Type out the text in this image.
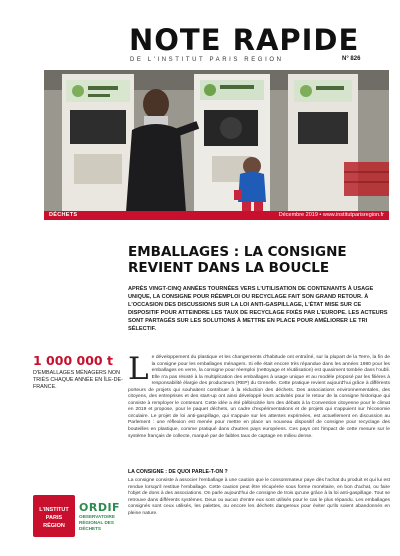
NOTE RAPIDE
DE L'INSTITUT PARIS REGION	N° 826
DÉCHETS	Décembre 2019 • www.institutparisregion.fr
EMBALLAGES : LA CONSIGNE REVIENT DANS LA BOUCLE

APRÈS VINGT-CINQ ANNÉES TOURNÉES VERS L'UTILISATION DE CONTENANTS À USAGE UNIQUE, LA CONSIGNE POUR RÉEMPLOI OU RECYCLAGE FAIT SON GRAND RETOUR. À L'OCCASION DES DISCUSSIONS SUR LA LOI ANTI-GASPILLAGE, L'ÉTAT MISE SUR CE DISPOSITIF POUR ATTEINDRE LES TAUX DE RECYCLAGE FIXÉS PAR L'EUROPE. LES ACTEURS SONT PARTAGÉS SUR LES SOLUTIONS À METTRE EN PLACE POUR AMÉLIORER LE TRI SÉLECTIF.

1 000 000 t
D'EMBALLAGES MÉNAGERS NON TRIÉS CHAQUE ANNÉE EN ÎLE-DE-FRANCE.	L e développement du plastique et les changements d'habitude ont entraîné, sur la plupart de la Terre, la fin de la consigne pour les emballages ménagers. Si elle était encore très répandue dans les années 1980 pour les emballages en verre, la consigne pour réemploi (nettoyage et réutilisation) est quasiment tombée dans l'oubli. Elle n'a pas résisté à la multiplication des emballages à usage unique et au modèle proposé par les filières à responsabilité élargie des producteurs (REP) du Grenelle. Cette pratique revient aujourd'hui grâce à différents porteurs de projets qui souhaitent contribuer à la réduction des déchets. Des associations environnementales, des citoyens, des entreprises et des start-up ont ainsi développé leurs activités pour le retour de la consigne historique qui consiste à remployer le contenant. Cette idée a été plébiscitée lors des débats à la Convention citoyenne pour le climat en 2019 et propose, pour le paquet déchets, un cadre d'expérimentations et de projets qui s'appuient sur l'économie circulaire. Le projet de loi anti-gaspillage, qui s'appuie sur les attentes exprimées, est actuellement en discussion au Parlement : une réflexion est menée pour mettre en place un nouveau dispositif de consigne pour recyclage des bouteilles en plastique, comme pratiqué dans d'autres pays européens. Ces pays ont l'impact de cette mesure sur le système français de collecte, marqué par de faibles taux de captage en milieu dense.
LA CONSIGNE : DE QUOI PARLE-T-ON ?

La consigne consiste à associer l'emballage à une caution que le consommateur paye dès l'achat du produit et qui lui est rendue lorsqu'il restitue l'emballage. Cette caution peut être récupérée sous forme monétaire, en bon d'achat, ou faire l'objet de dons à des associations. On parle aujourd'hui de consigne de trois qu'une grâce à la loi anti-gaspillage. Tout se retrouve dans différents systèmes. Deux ou aucun d'entre eux sont utilisés pour le cas le plus répandu. Les emballages consignés sont ceux utilisés, les palettes, ou encore les déchets dangereux pour éviter qu'ils soient abandonnés en pleine nature.

L'INSTITUT
PARIS
RÉGION
ORDIF
OBSERVATOIRE RÉGIONAL DES DÉCHETS
